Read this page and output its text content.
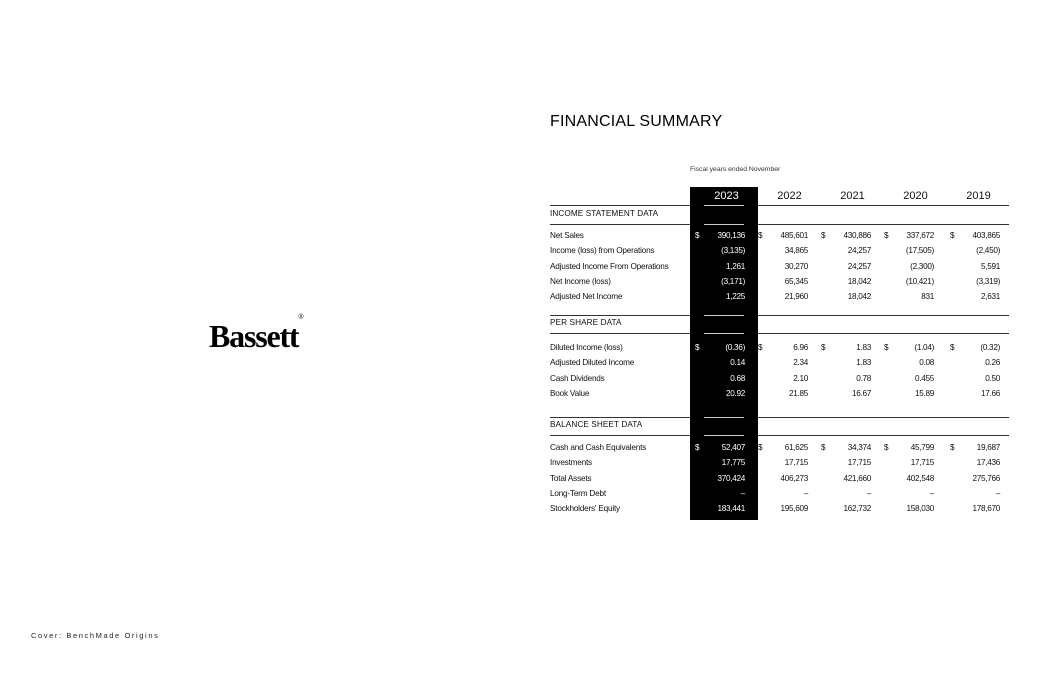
Bassett®
Cover: BenchMade Origins
FINANCIAL SUMMARY
Fiscal years ended November
2023	2022	2021	2020	2019
INCOME STATEMENT DATA
Net Sales	$	390,136 $	485,601 $	430,886 $	337,672 $	403,865
Income (loss) from Operations	(3,135)	34,865	24,257	(17,505)	(2,450)
Adjusted Income From Operations	1,261	30,270	24,257	(2,300)	5,591
Net Income (loss)	(3,171)	65,345	18,042	(10,421)	(3,319)
Adjusted Net Income	1,225	21,960	18,042	831	2,631
PER SHARE DATA
Diluted Income (loss)	$	(0.36) $	6.96 $	1.83 $	(1.04) $	(0.32)
Adjusted Diluted Income	0.14	2.34	1.83	0.08	0.26
Cash Dividends	0.68	2.10	0.78	0.455	0.50
Book Value	20.92	21.85	16.67	15.89	17.66
BALANCE SHEET DATA
Cash and Cash Equivalents	$	52,407 $	61,625 $	34,374 $	45,799 $	19,687
Investments	17,775	17,715	17,715	17,715	17,436
Total Assets	370,424	406,273	421,660	402,548	275,766
Long-Term Debt	–	–	–	–	–
Stockholders' Equity	183,441	195,609	162,732	158,030	178,670
